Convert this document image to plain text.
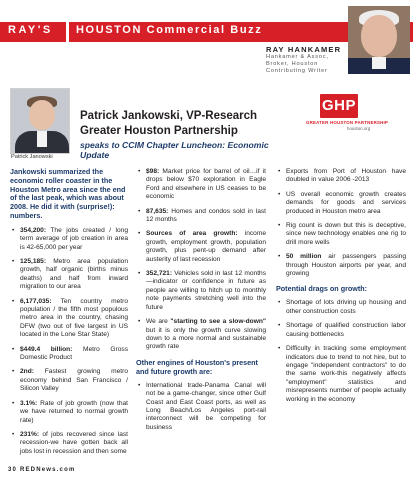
RAY'S HOUSTON Commercial Buzz
RAY HANKAMER
Hankamer & Assoc,
Broker, Houston
Contributing Writer
Patrick Janowski
Patrick Jankowski, VP-Research
Greater Houston Partnership
speaks to CCIM Chapter Luncheon: Economic Update
GHP
GREATER HOUSTON PARTNERSHIP
houston.org
Jankowski summarized the economic roller coaster in the Houston Metro area since the end of the last peak, which was about 2008. He did it with (surprise!): numbers.
• 354,200: The jobs created / long term average of job creation in area is 42-65,000 per year
• 125,185: Metro area population growth, half organic (births minus deaths) and half from inward migration to our area
• 6,177,035: Ten country metro population / the fifth most populous metro area in the country, chasing DFW (two out of five largest in US located in the Lone Star State)
• $449.4 billion: Metro Gross Domestic Product
• 2nd: Fastest growing metro economy behind San Francisco / Silicon Valley
• 3.1%: Rate of job growth (now that we have returned to normal growth rate)
• 231%: of jobs recovered since last recession-we have gotten back all jobs lost in recession and then some
• $98: Market price for barrel of oil…if it drops below $70 exploration in Eagle Ford and elsewhere in US ceases to be economic
• 87,635: Homes and condos sold in last 12 months
• Sources of area growth: income growth, employment growth, population growth, plus pent-up demand after austerity of last recession
• 352,721: Vehicles sold in last 12 months—indicator or confidence in future as people are willing to hitch up to monthly note payments stretching well into the future
• We are "starting to see a slow-down" but it is only the growth curve slowing down to a more normal and sustainable growth rate
Other engines of Houston's present and future growth are:
• International trade-Panama Canal will not be a game-changer, since other Gulf Coast and East Coast ports, as well as Long Beach/Los Angeles port-rail interconnect will be competing for business
• Exports from Port of Houston have doubled in value 2006 -2013
• US overall economic growth creates demands for goods and services produced in Houston metro area
• Rig count is down but this is deceptive, since new technology enables one rig to drill more wells
• 50 million air passengers passing through Houston airports per year, and growing
Potential drags on growth:
• Shortage of lots driving up housing and other construction costs
• Shortage of qualified construction labor causing bottlenecks
• Difficulty in tracking some employment indicators due to trend to not hire, but to engage "independent contractors" to do the same work-this negatively affects "employment" statistics and misrepresents number of people actually working in the economy
30 REDNews.com
